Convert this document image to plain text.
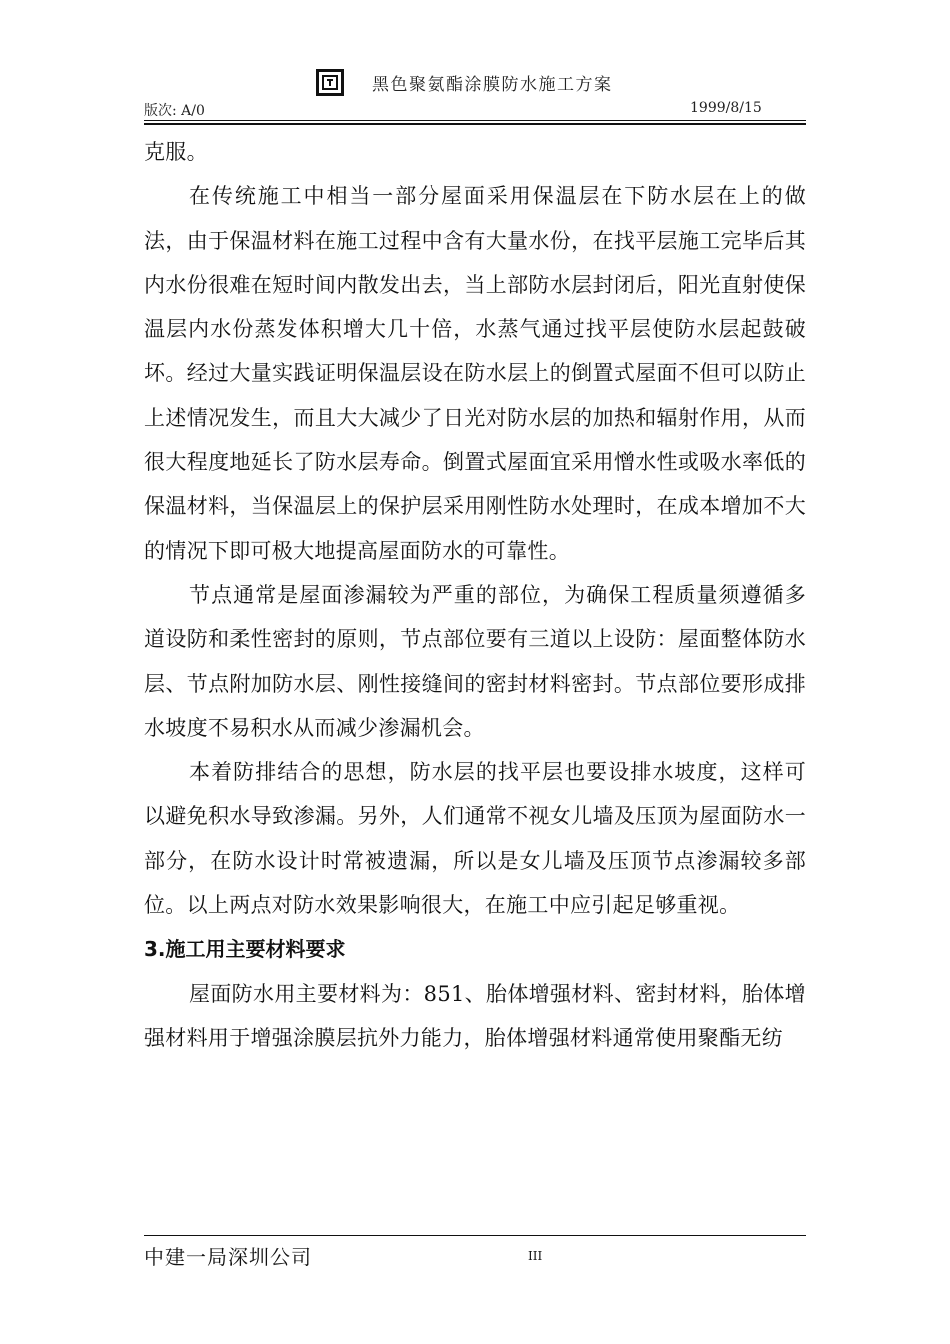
黑色聚氨酯涂膜防水施工方案
版次: A/0	1999/8/15

克服。

在传统施工中相当一部分屋面采用保温层在下防水层在上的做法，由于保温材料在施工过程中含有大量水份，在找平层施工完毕后其内水份很难在短时间内散发出去，当上部防水层封闭后，阳光直射使保温层内水份蒸发体积增大几十倍，水蒸气通过找平层使防水层起鼓破坏。经过大量实践证明保温层设在防水层上的倒置式屋面不但可以防止上述情况发生，而且大大减少了日光对防水层的加热和辐射作用，从而很大程度地延长了防水层寿命。倒置式屋面宜采用憎水性或吸水率低的保温材料，当保温层上的保护层采用刚性防水处理时，在成本增加不大的情况下即可极大地提高屋面防水的可靠性。

节点通常是屋面渗漏较为严重的部位，为确保工程质量须遵循多道设防和柔性密封的原则，节点部位要有三道以上设防：屋面整体防水层、节点附加防水层、刚性接缝间的密封材料密封。节点部位要形成排水坡度不易积水从而减少渗漏机会。

本着防排结合的思想，防水层的找平层也要设排水坡度，这样可以避免积水导致渗漏。另外，人们通常不视女儿墙及压顶为屋面防水一部分，在防水设计时常被遗漏，所以是女儿墙及压顶节点渗漏较多部位。以上两点对防水效果影响很大，在施工中应引起足够重视。

3.施工用主要材料要求

屋面防水用主要材料为：851、胎体增强材料、密封材料，胎体增强材料用于增强涂膜层抗外力能力，胎体增强材料通常使用聚酯无纺

中建一局深圳公司	III
